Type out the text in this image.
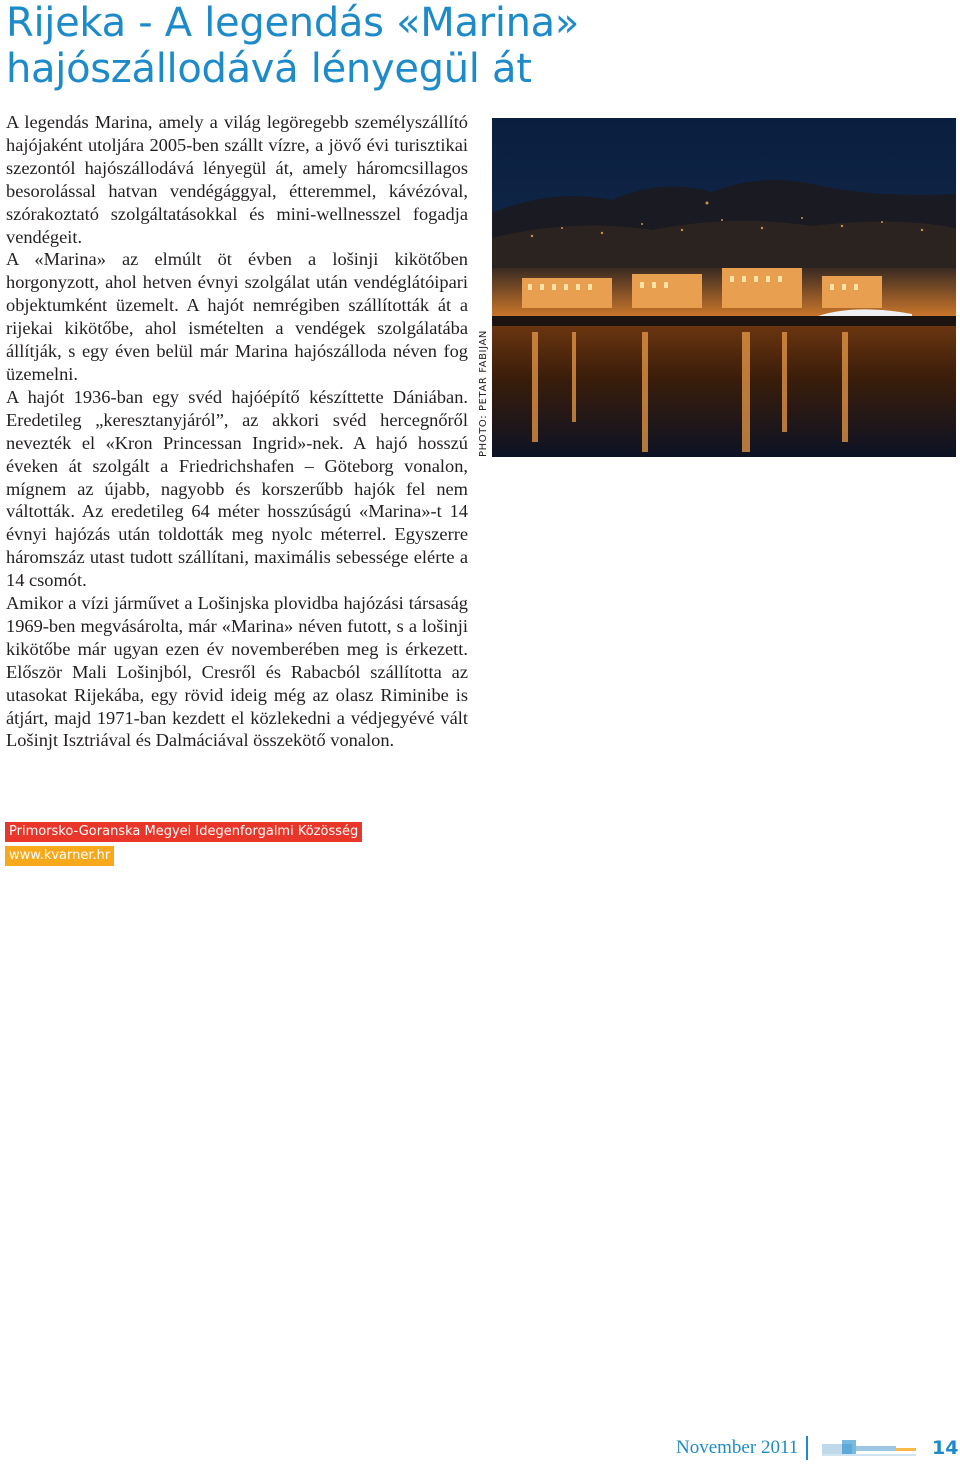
Rijeka - A legendás «Marina»
hajószállodává lényegül át

A legendás Marina, amely a világ legöregebb személyszállító hajójaként utoljára 2005-ben szállt vízre, a jövő évi turisztikai szezontól hajószállodává lényegül át, amely háromcsillagos besorolással hatvan vendégággyal, étteremmel, kávézóval, szórakoztató szolgáltatásokkal és mini-wellnesszel fogadja vendégeit.

A «Marina» az elmúlt öt évben a lošinji kikötőben horgonyzott, ahol hetven évnyi szolgálat után vendéglátóipari objektumként üzemelt. A hajót nemrégiben szállították át a rijekai kikötőbe, ahol ismételten a vendégek szolgálatába állítják, s egy éven belül már Marina hajószálloda néven fog üzemelni.

A hajót 1936-ban egy svéd hajóépítő készíttette Dániában. Eredetileg „keresztanyjáról”, az akkori svéd hercegnőről nevezték el «Kron Princessan Ingrid»-nek. A hajó hosszú éveken át szolgált a Friedrichshafen – Göteborg vonalon, mígnem az újabb, nagyobb és korszerűbb hajók fel nem váltották. Az eredetileg 64 méter hosszúságú «Marina»-t 14 évnyi hajózás után toldották meg nyolc méterrel. Egyszerre háromszáz utast tudott szállítani, maximális sebessége elérte a 14 csomót.

Amikor a vízi járművet a Lošinjska plovidba hajózási társaság 1969-ben megvásárolta, már «Marina» néven futott, s a lošinji kikötőbe már ugyan ezen év novemberében meg is érkezett. Először Mali Lošinjból, Cresről és Rabacból szállította az utasokat Rijekába, egy rövid ideig még az olasz Riminibe is átjárt, majd 1971-ban kezdett el közlekedni a védjegyévé vált Lošinjt Isztriával és Dalmáciával összekötő vonalon.

PHOTO: PETAR FABIJAN
Primorsko-Goranska Megyei Idegenforgalmi Közösség
www.kvarner.hr
November 2011	14
